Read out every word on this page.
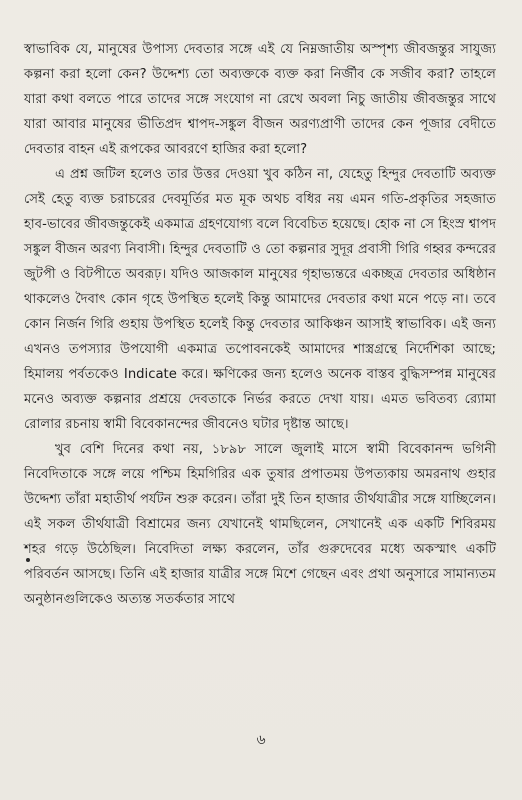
স্বাভাবিক যে, মানুষের উপাস্য দেবতার সঙ্গে এই যে নিম্নজাতীয় অস্পৃশ্য জীবজন্তুর সাযুজ্য কল্পনা করা হলো কেন? উদ্দেশ্য তো অব্যক্তকে ব্যক্ত করা নির্জীব কে সজীব করা? তাহলে যারা কথা বলতে পারে তাদের সঙ্গে সংযোগ না রেখে অবলা নিচু জাতীয় জীবজন্তুর সাথে যারা আবার মানুষের ভীতিপ্রদ শ্বাপদ-সঙ্কুল বীজন অরণ্যপ্রাণী তাদের কেন পূজার বেদীতে দেবতার বাহন এই রূপকের আবরণে হাজির করা হলো?

এ প্রশ্ন জটিল হলেও তার উত্তর দেওয়া খুব কঠিন না, যেহেতু হিন্দুর দেবতাটি অব্যক্ত সেই হেতু ব্যক্ত চরাচরের দেবমূর্তির মত মূক অথচ বধির নয় এমন গতি-প্রকৃতির সহজাত হাব-ভাবের জীবজন্তুকেই একমাত্র গ্রহণযোগ্য বলে বিবেচিত হয়েছে। হোক না সে হিংস্র শ্বাপদ সঙ্কুল বীজন অরণ্য নিবাসী। হিন্দুর দেবতাটি ও তো কল্পনার সুদূর প্রবাসী গিরি গহ্বর কন্দরের জুটপী ও বিটপীতে অবরূঢ়। যদিও আজকাল মানুষের গৃহাভ্যন্তরে একচ্ছত্র দেবতার অধিষ্ঠান থাকলেও দৈবাৎ কোন গৃহে উপস্থিত হলেই কিন্তু আমাদের দেবতার কথা মনে পড়ে না। তবে কোন নির্জন গিরি গুহায় উপস্থিত হলেই কিন্তু দেবতার আকিঞ্চন আসাই স্বাভাবিক। এই জন্য এখনও তপস্যার উপযোগী একমাত্র তপোবনকেই আমাদের শাস্ত্রগ্রন্থে নির্দেশিকা আছে; হিমালয় পর্বতকেও Indicate করে। ক্ষণিকের জন্য হলেও অনেক বাস্তব বুদ্ধিসম্পন্ন মানুষের মনেও অব্যক্ত কল্পনার প্রশ্রয়ে দেবতাকে নির্ভর করতে দেখা যায়। এমত ভবিতব্য র‍্যোমা রোলার রচনায় স্বামী বিবেকানন্দের জীবনেও ঘটার দৃষ্টান্ত আছে।

খুব বেশি দিনের কথা নয়, ১৮৯৮ সালে জুলাই মাসে স্বামী বিবেকানন্দ ভগিনী নিবেদিতাকে সঙ্গে লয়ে পশ্চিম হিমগিরির এক তুষার প্রপাতময় উপত্যকায় অমরনাথ গুহার উদ্দেশ্য তাঁরা মহাতীর্থ পর্যটন শুরু করেন। তাঁরা দুই তিন হাজার তীর্থযাত্রীর সঙ্গে যাচ্ছিলেন। এই সকল তীর্থযাত্রী বিশ্রামের জন্য যেখানেই থামছিলেন, সেখানেই এক একটি শিবিরময় শহর গড়ে উঠেছিল। নিবেদিতা লক্ষ্য করলেন, তাঁর গুরুদেবের মধ্যে অকস্মাৎ একটি পরিবর্তন আসছে। তিনি এই হাজার যাত্রীর সঙ্গে মিশে গেছেন এবং প্রথা অনুসারে সামান্যতম অনুষ্ঠানগুলিকেও অত্যন্ত সতর্কতার সাথে

৬
